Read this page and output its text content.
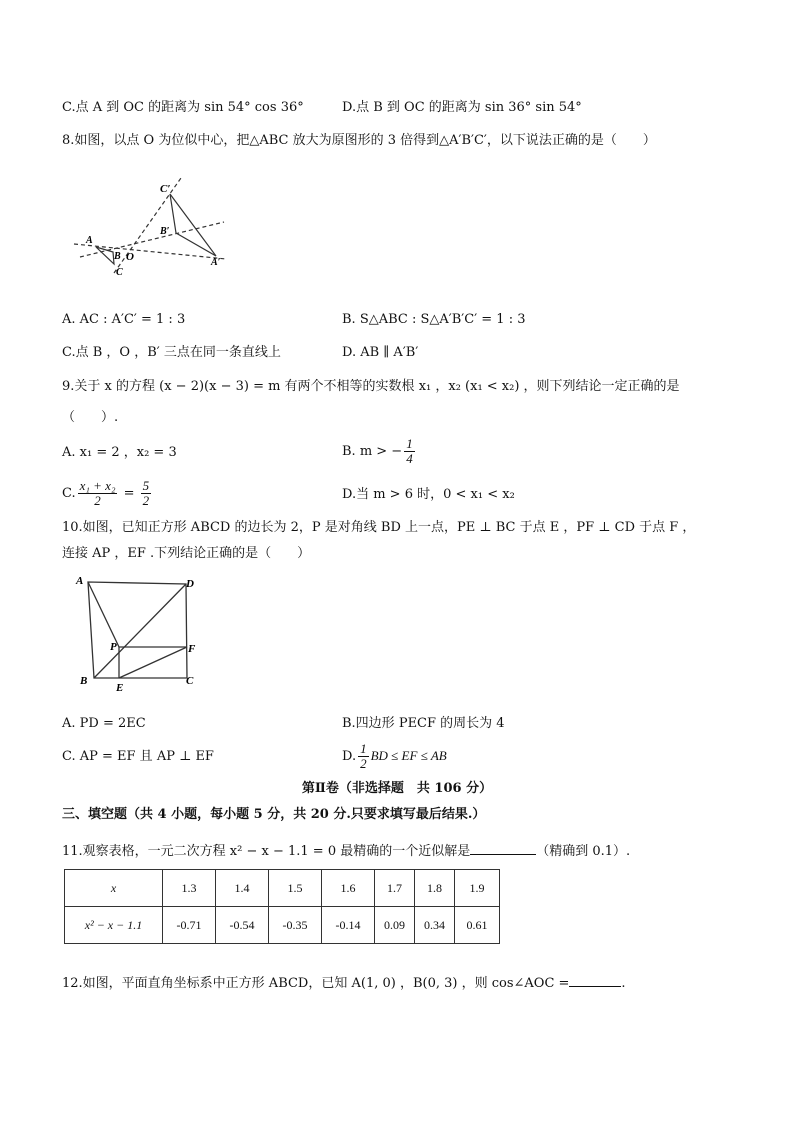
C.点 A 到 OC 的距离为 sin 54° cos 36°	D.点 B 到 OC 的距离为 sin 36° sin 54°
8.如图，以点 O 为位似中心，把△ABC 放大为原图形的 3 倍得到△A′B′C′，以下说法正确的是（　　）
C′
B′
A
B O
C
A′
A. AC : A′C′ = 1 : 3	B. S△ABC : S△A′B′C′ = 1 : 3
C.点 B ，O ，B′ 三点在同一条直线上	D. AB ∥ A′B′
9.关于 x 的方程 (x − 2)(x − 3) = m 有两个不相等的实数根 x₁ ，x₂ (x₁ < x₂) ，则下列结论一定正确的是
（　　）.
A. x₁ = 2 ，x₂ = 3	B. m > − $\frac{1}{4}$
C. $\frac{\text{x₁ + x₂}}{2} = \frac{5}{2}$	D.当 m > 6 时，0 < x₁ < x₂
10.如图，已知正方形 ABCD 的边长为 2，P 是对角线 BD 上一点，PE ⊥ BC 于点 E ，PF ⊥ CD 于点 F ，
连接 AP ，EF .下列结论正确的是（　　）
A	D
P	F
B
E
C
A. PD = 2EC	B.四边形 PECF 的周长为 4
C. AP = EF 且 AP ⊥ EF	D. $\frac{1}{2}$ BD ≤ EF ≤ AB
第Ⅱ卷（非选择题　共 106 分）
三、填空题（共 4 小题，每小题 5 分，共 20 分.只要求填写最后结果.）
11.观察表格，一元二次方程 x² − x − 1.1 = 0 最精确的一个近似解是	（精确到 0.1）.
x	1.3	1.4	1.5	1.6	1.7	1.8	1.9
x² − x − 1.1	-0.71	-0.54	-0.35	-0.14	0.09	0.34	0.61
12.如图，平面直角坐标系中正方形 ABCD，已知 A(1, 0) ，B(0, 3) ，则 cos∠AOC =	.
